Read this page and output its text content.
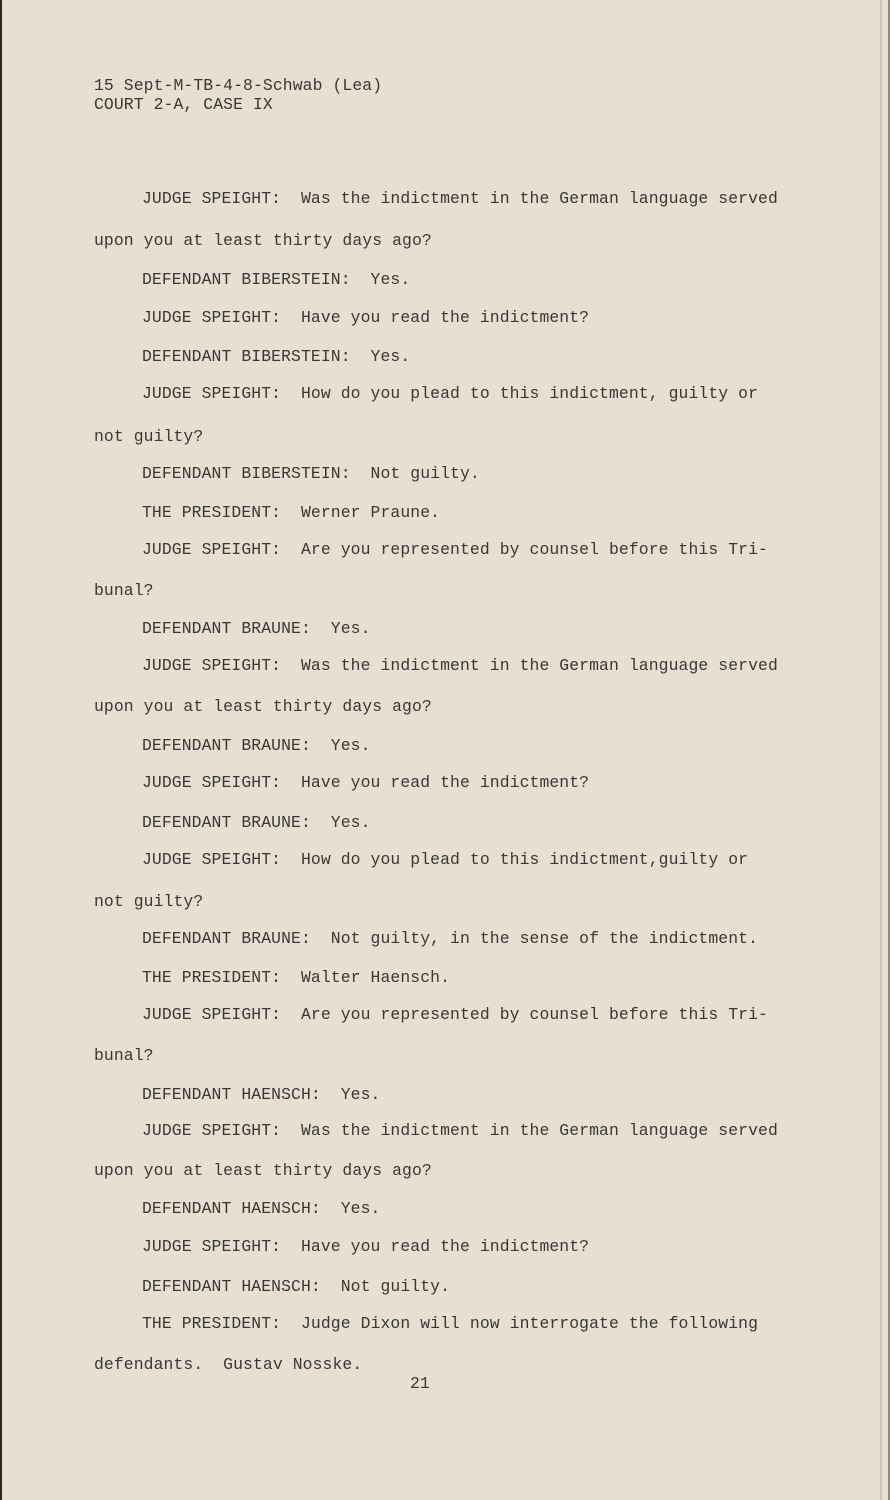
15 Sept-M-TB-4-8-Schwab (Lea)
COURT 2-A, CASE IX
JUDGE SPEIGHT:  Was the indictment in the German language served
upon you at least thirty days ago?
DEFENDANT BIBERSTEIN:  Yes.
JUDGE SPEIGHT:  Have you read the indictment?
DEFENDANT BIBERSTEIN:  Yes.
JUDGE SPEIGHT:  How do you plead to this indictment, guilty or
not guilty?
DEFENDANT BIBERSTEIN:  Not guilty.
THE PRESIDENT:  Werner Praune.
JUDGE SPEIGHT:  Are you represented by counsel before this Tri-
bunal?
DEFENDANT BRAUNE:  Yes.
JUDGE SPEIGHT:  Was the indictment in the German language served
upon you at least thirty days ago?
DEFENDANT BRAUNE:  Yes.
JUDGE SPEIGHT:  Have you read the indictment?
DEFENDANT BRAUNE:  Yes.
JUDGE SPEIGHT:  How do you plead to this indictment,guilty or
not guilty?
DEFENDANT BRAUNE:  Not guilty, in the sense of the indictment.
THE PRESIDENT:  Walter Haensch.
JUDGE SPEIGHT:  Are you represented by counsel before this Tri-
bunal?
DEFENDANT HAENSCH:  Yes.
JUDGE SPEIGHT:  Was the indictment in the German language served
upon you at least thirty days ago?
DEFENDANT HAENSCH:  Yes.
JUDGE SPEIGHT:  Have you read the indictment?
DEFENDANT HAENSCH:  Not guilty.
THE PRESIDENT:  Judge Dixon will now interrogate the following
defendants.  Gustav Nosske.
21
